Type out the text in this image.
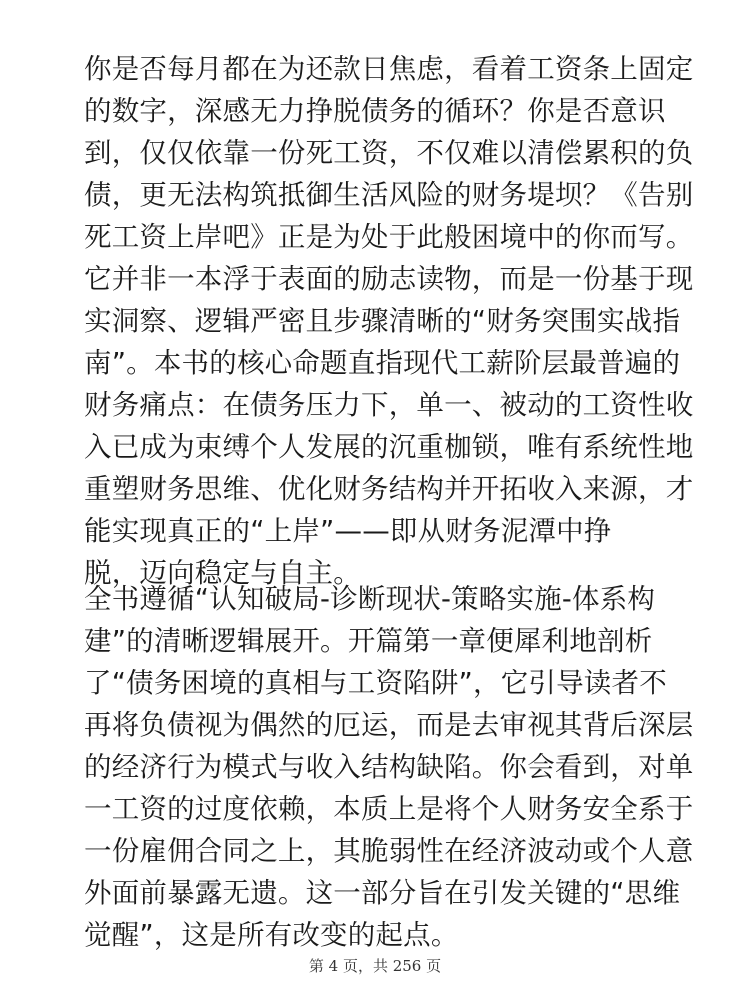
你是否每月都在为还款日焦虑，看着工资条上固定
的数字，深感无力挣脱债务的循环？你是否意识
到，仅仅依靠一份死工资，不仅难以清偿累积的负
债，更无法构筑抵御生活风险的财务堤坝？《告别
死工资上岸吧》正是为处于此般困境中的你而写。
它并非一本浮于表面的励志读物，而是一份基于现
实洞察、逻辑严密且步骤清晰的“财务突围实战指
南”。本书的核心命题直指现代工薪阶层最普遍的
财务痛点：在债务压力下，单一、被动的工资性收
入已成为束缚个人发展的沉重枷锁，唯有系统性地
重塑财务思维、优化财务结构并开拓收入来源，才
能实现真正的“上岸”——即从财务泥潭中挣
脱，迈向稳定与自主。
全书遵循“认知破局-诊断现状-策略实施-体系构
建”的清晰逻辑展开。开篇第一章便犀利地剖析
了“债务困境的真相与工资陷阱”，它引导读者不
再将负债视为偶然的厄运，而是去审视其背后深层
的经济行为模式与收入结构缺陷。你会看到，对单
一工资的过度依赖，本质上是将个人财务安全系于
一份雇佣合同之上，其脆弱性在经济波动或个人意
外面前暴露无遗。这一部分旨在引发关键的“思维
觉醒”，这是所有改变的起点。
第 4 页，共 256 页
